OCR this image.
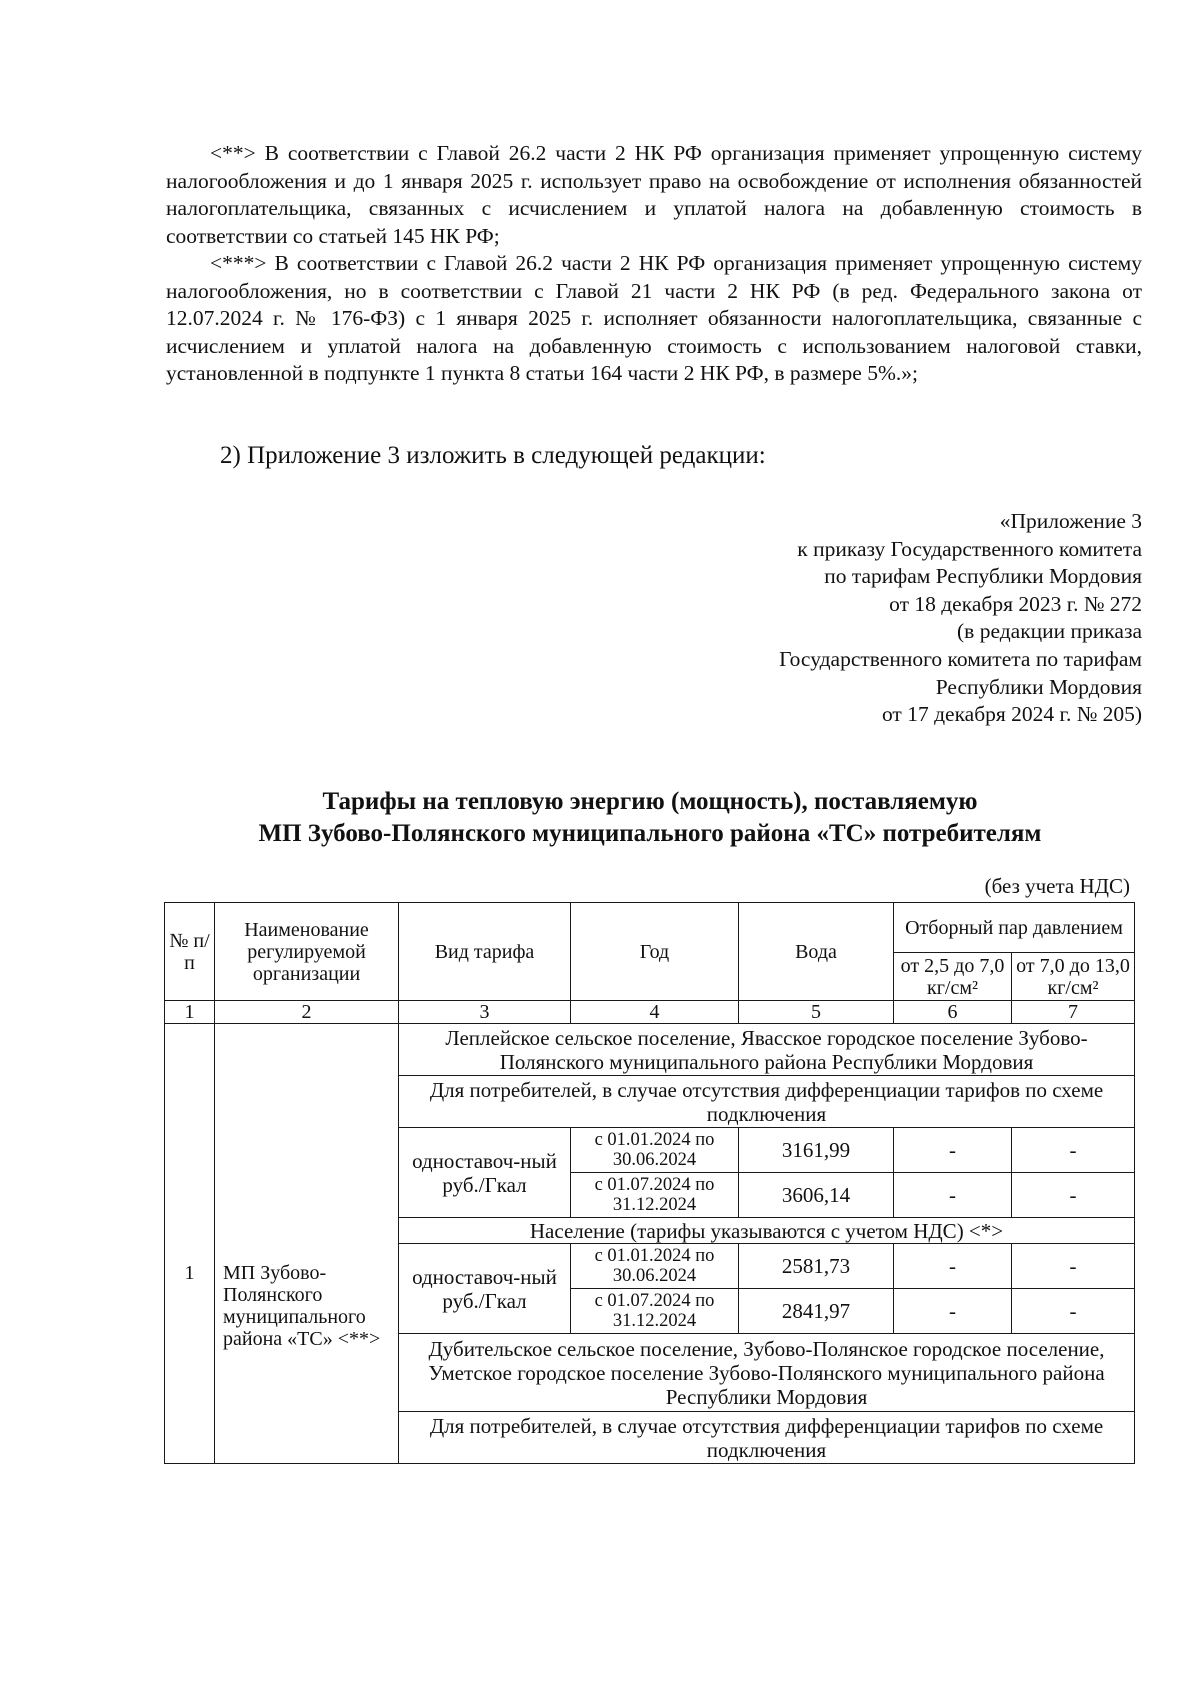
<**> В соответствии с Главой 26.2 части 2 НК РФ организация применяет упрощенную систему налогообложения и до 1 января 2025 г. использует право на освобождение от исполнения обязанностей налогоплательщика, связанных с исчислением и уплатой налога на добавленную стоимость в соответствии со статьей 145 НК РФ;

<***> В соответствии с Главой 26.2 части 2 НК РФ организация применяет упрощенную систему налогообложения, но в соответствии с Главой 21 части 2 НК РФ (в ред. Федерального закона от 12.07.2024 г. № 176-ФЗ) с 1 января 2025 г. исполняет обязанности налогоплательщика, связанные с исчислением и уплатой налога на добавленную стоимость с использованием налоговой ставки, установленной в подпункте 1 пункта 8 статьи 164 части 2 НК РФ, в размере 5%.»;

2) Приложение 3 изложить в следующей редакции:

«Приложение 3
к приказу Государственного комитета
по тарифам Республики Мордовия
от 18 декабря 2023 г. № 272
(в редакции приказа
Государственного комитета по тарифам
Республики Мордовия
от 17 декабря 2024 г. № 205)
Тарифы на тепловую энергию (мощность), поставляемую
МП Зубово-Полянского муниципального района «ТС» потребителям
(без учета НДС)
№ п/п	Наименование регулируемой организации	Вид тарифа	Год	Вода	Отборный пар давлением	
					от 2,5 до 7,0 кг/см²	от 7,0 до 13,0 кг/см²
1	2	3	4	5	6	7
1	МП Зубово-Полянского муниципального района «ТС» <**>	Леплейское сельское поселение, Явасское городское поселение Зубово-Полянского муниципального района Республики Мордовия				
		Для потребителей, в случае отсутствия дифференциации тарифов по схеме подключения				
		одноставоч-ный руб./Гкал	с 01.01.2024 по 30.06.2024	3161,99	-	-
			с 01.07.2024 по 31.12.2024	3606,14	-	-
		Население (тарифы указываются с учетом НДС) <*>				
		одноставоч-ный руб./Гкал	с 01.01.2024 по 30.06.2024	2581,73	-	-
			с 01.07.2024 по 31.12.2024	2841,97	-	-
		Дубительское сельское поселение, Зубово-Полянское городское поселение, Уметское городское поселение Зубово-Полянского муниципального района Республики Мордовия				
		Для потребителей, в случае отсутствия дифференциации тарифов по схеме подключения				
